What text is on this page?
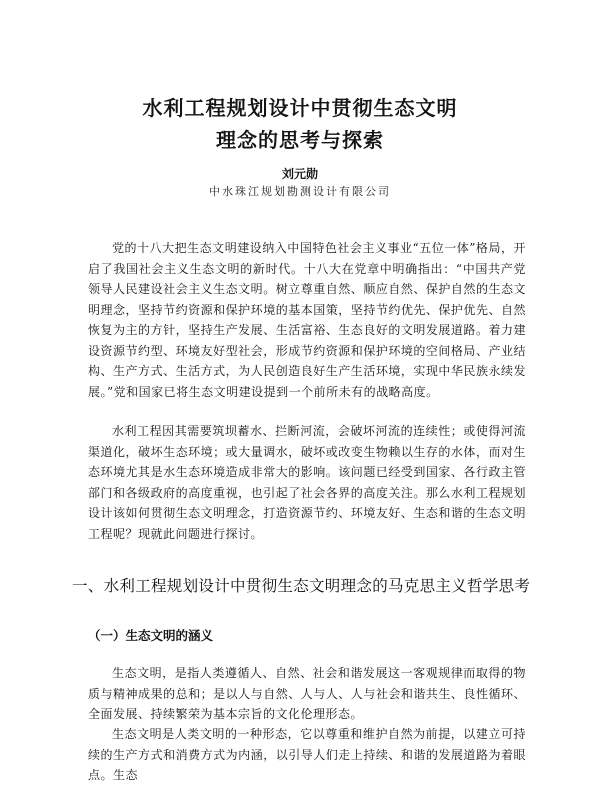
水利工程规划设计中贯彻生态文明
理念的思考与探索
刘元勋
中水珠江规划勘测设计有限公司

党的十八大把生态文明建设纳入中国特色社会主义事业“五位一体”格局，开启了我国社会主义生态文明的新时代。十八大在党章中明确指出：“中国共产党领导人民建设社会主义生态文明。树立尊重自然、顺应自然、保护自然的生态文明理念，坚持节约资源和保护环境的基本国策，坚持节约优先、保护优先、自然恢复为主的方针，坚持生产发展、生活富裕、生态良好的文明发展道路。着力建设资源节约型、环境友好型社会，形成节约资源和保护环境的空间格局、产业结构、生产方式、生活方式，为人民创造良好生产生活环境，实现中华民族永续发展。”党和国家已将生态文明建设提到一个前所未有的战略高度。

水利工程因其需要筑坝蓄水、拦断河流，会破坏河流的连续性；或使得河流渠道化，破坏生态环境；或大量调水，破坏或改变生物赖以生存的水体，而对生态环境尤其是水生态环境造成非常大的影响。该问题已经受到国家、各行政主管部门和各级政府的高度重视，也引起了社会各界的高度关注。那么水利工程规划设计该如何贯彻生态文明理念，打造资源节约、环境友好、生态和谐的生态文明工程呢？现就此问题进行探讨。

一、水利工程规划设计中贯彻生态文明理念的马克思主义哲学思考
（一）生态文明的涵义

生态文明，是指人类遵循人、自然、社会和谐发展这一客观规律而取得的物质与精神成果的总和；是以人与自然、人与人、人与社会和谐共生、良性循环、全面发展、持续繁荣为基本宗旨的文化伦理形态。

生态文明是人类文明的一种形态，它以尊重和维护自然为前提，以建立可持续的生产方式和消费方式为内涵，以引导人们走上持续、和谐的发展道路为着眼点。生态
